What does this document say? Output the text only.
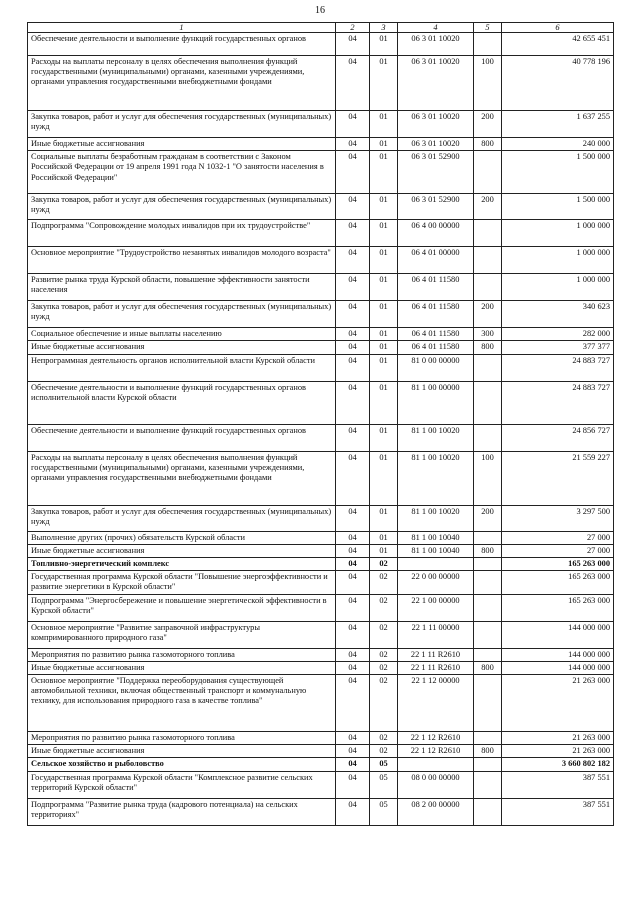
16
1	2	3	4	5	6
Обеспечение деятельности и выполнение функций государственных органов	04	01	06 3 01 10020		42 655 451
Расходы на выплаты персоналу в целях обеспечения выполнения функций государственными (муниципальными) органами, казенными учреждениями, органами управления государственными внебюджетными фондами	04	01	06 3 01 10020	100	40 778 196
Закупка товаров, работ и услуг для обеспечения государственных (муниципальных) нужд	04	01	06 3 01 10020	200	1 637 255
Иные бюджетные ассигнования	04	01	06 3 01 10020	800	240 000
Социальные выплаты безработным гражданам в соответствии с Законом Российской Федерации от 19 апреля 1991 года N 1032-1 "О занятости населения в Российской Федерации"	04	01	06 3 01 52900		1 500 000
Закупка товаров, работ и услуг для обеспечения государственных (муниципальных) нужд	04	01	06 3 01 52900	200	1 500 000
Подпрограмма "Сопровождение молодых инвалидов при их трудоустройстве"	04	01	06 4 00 00000		1 000 000
Основное мероприятие "Трудоустройство незанятых инвалидов молодого возраста"	04	01	06 4 01 00000		1 000 000
Развитие рынка труда Курской области, повышение эффективности занятости населения	04	01	06 4 01 11580		1 000 000
Закупка товаров, работ и услуг для обеспечения государственных (муниципальных) нужд	04	01	06 4 01 11580	200	340 623
Социальное обеспечение и иные выплаты населению	04	01	06 4 01 11580	300	282 000
Иные бюджетные ассигнования	04	01	06 4 01 11580	800	377 377
Непрограммная деятельность органов исполнительной власти Курской области	04	01	81 0 00 00000		24 883 727
Обеспечение деятельности и выполнение функций государственных органов исполнительной власти Курской области	04	01	81 1 00 00000		24 883 727
Обеспечение деятельности и выполнение функций государственных органов	04	01	81 1 00 10020		24 856 727
Расходы на выплаты персоналу в целях обеспечения выполнения функций государственными (муниципальными) органами, казенными учреждениями, органами управления государственными внебюджетными фондами	04	01	81 1 00 10020	100	21 559 227
Закупка товаров, работ и услуг для обеспечения государственных (муниципальных) нужд	04	01	81 1 00 10020	200	3 297 500
Выполнение других (прочих) обязательств Курской области	04	01	81 1 00 10040		27 000
Иные бюджетные ассигнования	04	01	81 1 00 10040	800	27 000
Топливно-энергетический комплекс	04	02			165 263 000
Государственная программа Курской области "Повышение энергоэффективности и развитие энергетики в Курской области"	04	02	22 0 00 00000		165 263 000
Подпрограмма "Энергосбережение и повышение энергетической эффективности в Курской области"	04	02	22 1 00 00000		165 263 000
Основное мероприятие "Развитие заправочной инфраструктуры компримированного природного газа"	04	02	22 1 11 00000		144 000 000
Мероприятия по развитию рынка газомоторного топлива	04	02	22 1 11 R2610		144 000 000
Иные бюджетные ассигнования	04	02	22 1 11 R2610	800	144 000 000
Основное мероприятие "Поддержка переоборудования существующей автомобильной техники, включая общественный транспорт и коммунальную технику, для использования природного газа в качестве топлива"	04	02	22 1 12 00000		21 263 000
Мероприятия по развитию рынка газомоторного топлива	04	02	22 1 12 R2610		21 263 000
Иные бюджетные ассигнования	04	02	22 1 12 R2610	800	21 263 000
Сельское хозяйство и рыболовство	04	05			3 660 802 182
Государственная программа Курской области "Комплексное развитие сельских территорий Курской области"	04	05	08 0 00 00000		387 551
Подпрограмма "Развитие рынка труда (кадрового потенциала) на сельских территориях"	04	05	08 2 00 00000		387 551
